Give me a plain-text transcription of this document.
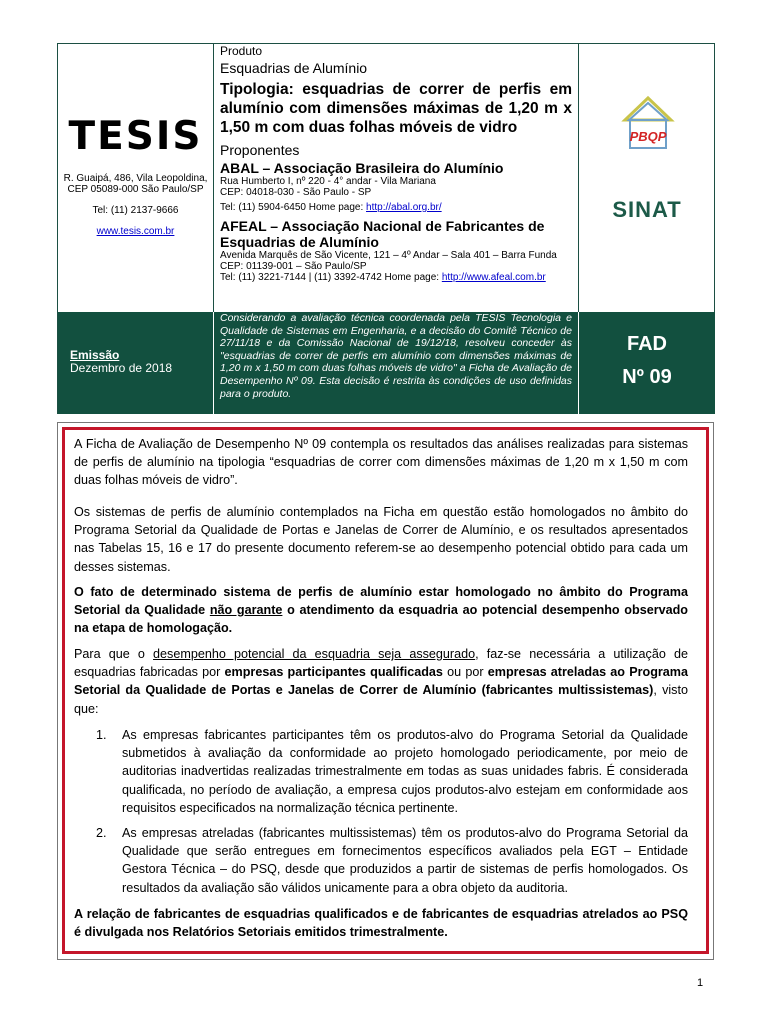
TESIS
R. Guaipá, 486, Vila Leopoldina,
CEP 05089-000 São Paulo/SP
Tel: (11) 2137-9666
www.tesis.com.br
Produto
Esquadrias de Alumínio
Tipologia: esquadrias de correr de perfis em alumínio com dimensões máximas de 1,20 m x 1,50 m com duas folhas móveis de vidro
Proponentes
ABAL – Associação Brasileira do Alumínio
Rua Humberto I, nº 220 - 4° andar - Vila Mariana
CEP: 04018-030 - São Paulo - SP
Tel: (11) 5904-6450 Home page: http://abal.org.br/
AFEAL – Associação Nacional de Fabricantes de Esquadrias de Alumínio
Avenida Marquês de São Vicente, 121 – 4º Andar – Sala 401 – Barra Funda
CEP: 01139-001 – São Paulo/SP
Tel: (11) 3221-7144 | (11) 3392-4742 Home page: http://www.afeal.com.br
PBQP
SINAT
Emissão
Dezembro de 2018

Considerando a avaliação técnica coordenada pela TESIS Tecnologia e Qualidade de Sistemas em Engenharia, e a decisão do Comitê Técnico de 27/11/18 e da Comissão Nacional de 19/12/18, resolveu conceder às "esquadrias de correr de perfis em alumínio com dimensões máximas de 1,20 m x 1,50 m com duas folhas móveis de vidro" a Ficha de Avaliação de Desempenho Nº 09. Esta decisão é restrita às condições de uso definidas para o produto.

FAD
Nº 09

A Ficha de Avaliação de Desempenho Nº 09 contempla os resultados das análises realizadas para sistemas de perfis de alumínio na tipologia “esquadrias de correr com dimensões máximas de 1,20 m x 1,50 m com duas folhas móveis de vidro”.

Os sistemas de perfis de alumínio contemplados na Ficha em questão estão homologados no âmbito do Programa Setorial da Qualidade de Portas e Janelas de Correr de Alumínio, e os resultados apresentados nas Tabelas 15, 16 e 17 do presente documento referem-se ao desempenho potencial obtido para cada um desses sistemas.

O fato de determinado sistema de perfis de alumínio estar homologado no âmbito do Programa Setorial da Qualidade não garante o atendimento da esquadria ao potencial desempenho observado na etapa de homologação.

Para que o desempenho potencial da esquadria seja assegurado, faz-se necessária a utilização de esquadrias fabricadas por empresas participantes qualificadas ou por empresas atreladas ao Programa Setorial da Qualidade de Portas e Janelas de Correr de Alumínio (fabricantes multissistemas), visto que:

1. As empresas fabricantes participantes têm os produtos-alvo do Programa Setorial da Qualidade submetidos à avaliação da conformidade ao projeto homologado periodicamente, por meio de auditorias inadvertidas realizadas trimestralmente em todas as suas unidades fabris. É considerada qualificada, no período de avaliação, a empresa cujos produtos-alvo estejam em conformidade aos requisitos especificados na normalização técnica pertinente.
2. As empresas atreladas (fabricantes multissistemas) têm os produtos-alvo do Programa Setorial da Qualidade que serão entregues em fornecimentos específicos avaliados pela EGT – Entidade Gestora Técnica – do PSQ, desde que produzidos a partir de sistemas de perfis homologados. Os resultados da avaliação são válidos unicamente para a obra objeto da auditoria.

A relação de fabricantes de esquadrias qualificados e de fabricantes de esquadrias atrelados ao PSQ é divulgada nos Relatórios Setoriais emitidos trimestralmente.

1
